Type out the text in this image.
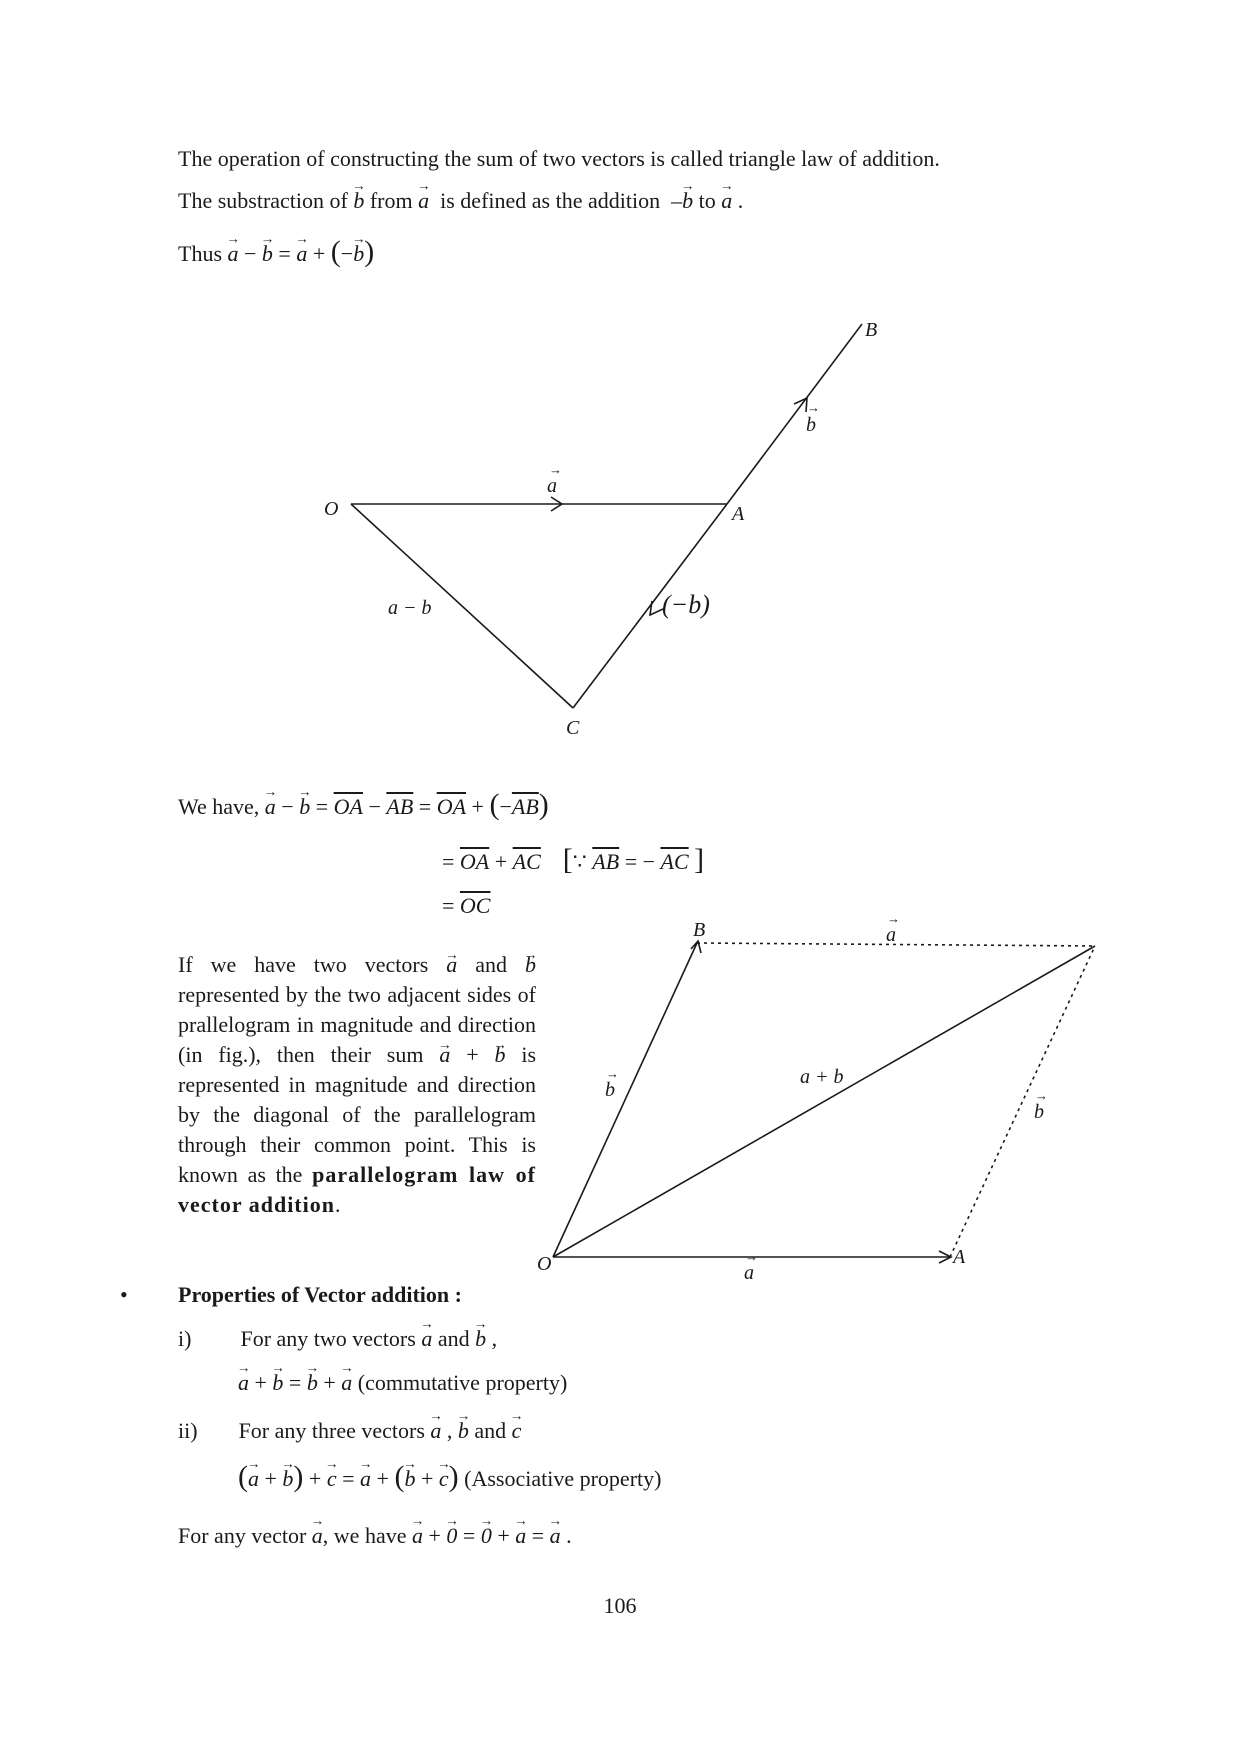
The operation of constructing the sum of two vectors is called triangle law of addition.
The substraction of b → from a → is defined as the addition –b → to a → .
Thus a → − b → = a → + (−b →)
O	A
B
C
a
→
b
→
(−b)
a − b
We have, a → − b → = $\overline{OA} - \overline{AB} = \overline{OA} + (-\overline{AB})$
= $\overline{OA} + \overline{AC}$ [∵ $\overline{AB}$ = − $\overline{AC}$ ]
= $\overline{OC}$
If we have two vectors a → and b → represented by the two adjacent sides of prallelogram in magnitude and direction (in fig.), then their sum a → + b → is represented in magnitude and direction by the diagonal of the parallelogram through their common point. This is known as the parallelogram law of vector addition.
O	A
B	a
→
b
→
b
→
a
→
a + b
• Properties of Vector addition :
i) For any two vectors a → and b → ,
a → + b → = b → + a → (commutative property)
ii) For any three vectors a → , b → and c →
(a → + b →) + c → = a → + (b → + c →) (Associative property)
For any vector a →, we have a → + 0 → = 0 → + a → = a → .
106
